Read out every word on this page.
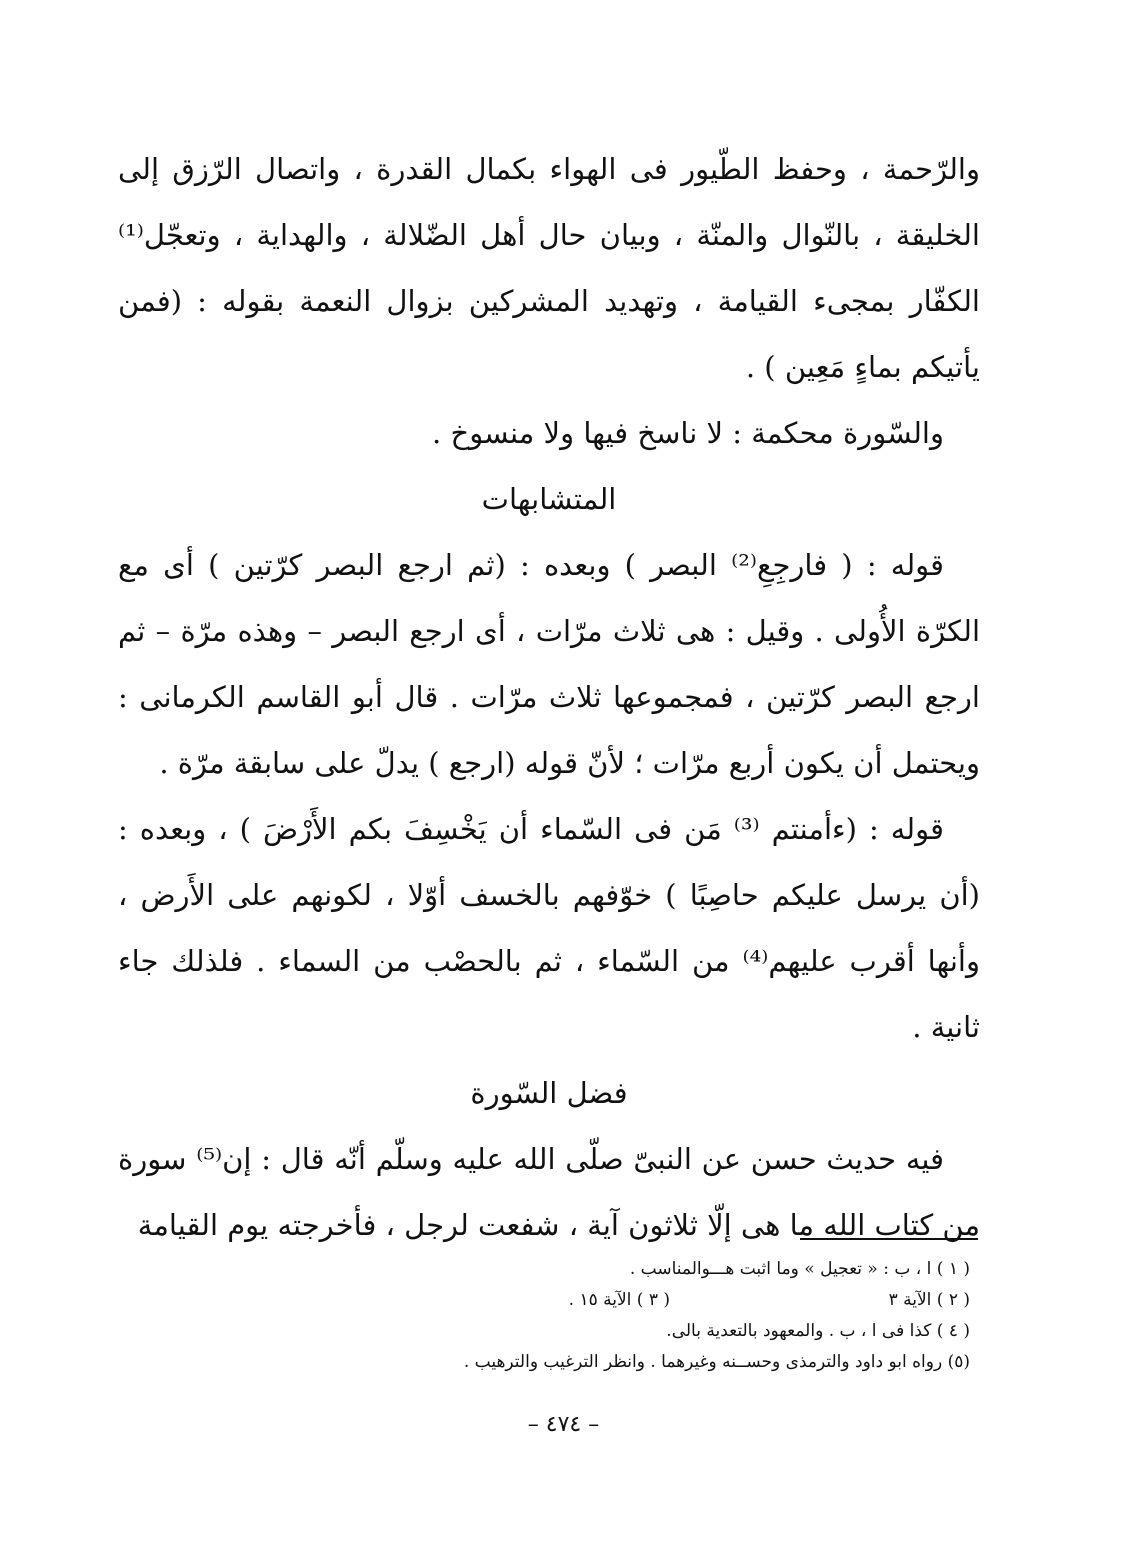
والرّحمة ، وحفظ الطّيور فى الهواء بكمال القدرة ، واتصال الرّزق إلى الخليقة ، بالنّوال والمنّة ، وبيان حال أهل الضّلالة ، والهداية ، وتعجّل⁽¹⁾ الكفّار بمجىء القيامة ، وتهديد المشركين بزوال النعمة بقوله : (فمن يأتيكم بماءٍ مَعِين ) .

والسّورة محكمة : لا ناسخ فيها ولا منسوخ .

المتشابهات

قوله : ( فارجِعِ⁽²⁾ البصر ) وبعده : (ثم ارجع البصر كرّتين ) أى مع الكرّة الأُولى . وقيل : هى ثلاث مرّات ، أى ارجع البصر – وهذه مرّة – ثم ارجع البصر كرّتين ، فمجموعها ثلاث مرّات . قال أبو القاسم الكرمانى : ويحتمل أن يكون أربع مرّات ؛ لأنّ قوله (ارجع ) يدلّ على سابقة مرّة .

قوله : (ءأمنتم ⁽³⁾ مَن فى السّماء أن يَخْسِفَ بكم الأَرْضَ ) ، وبعده : (أن يرسل عليكم حاصِبًا ) خوّفهم بالخسف أوّلا ، لكونهم على الأَرض ، وأنها أقرب عليهم⁽⁴⁾ من السّماء ، ثم بالحصْب من السماء . فلذلك جاء ثانية .

فضل السّورة

فيه حديث حسن عن النبىّ صلّى الله عليه وسلّم أنّه قال : إن⁽⁵⁾ سورة من كتاب الله ما هى إلّا ثلاثون آية ، شفعت لرجل ، فأخرجته يوم القيامة

( ١ ) ا ، ب : « تعجيل » وما اثبت هـــوالمناسب .
( ٢ ) الآية ٣
( ٣ ) الآية ١٥ .
( ٤ ) كذا فى ا ، ب . والمعهود بالتعدية بالى.
(٥) رواه ابو داود والترمذى وحســنه وغيرهما . وانظر الترغيب والترهيب .
– ٤٧٤ –
